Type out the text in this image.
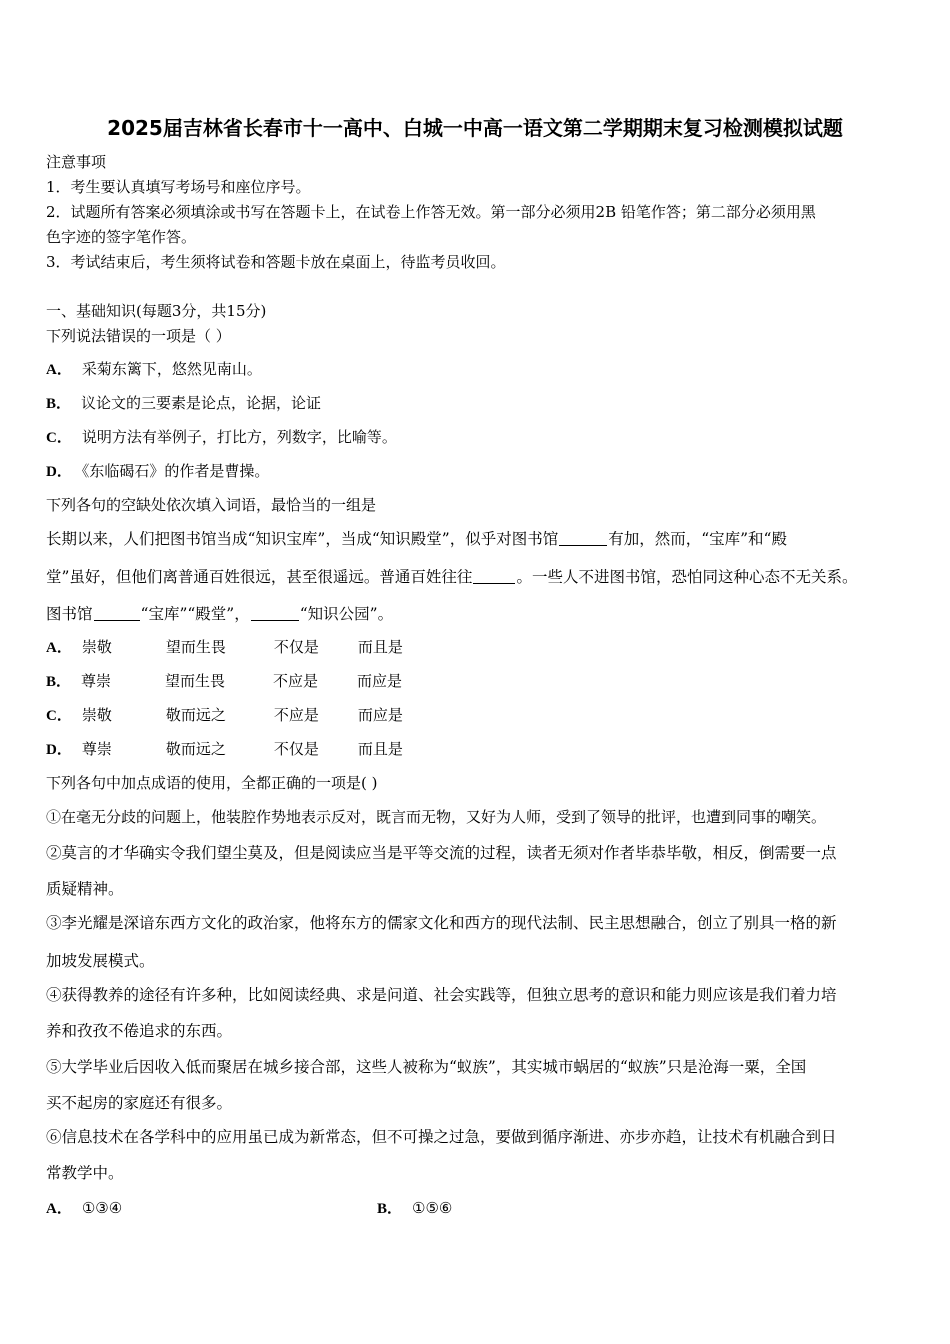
2025届吉林省长春市十一高中、白城一中高一语文第二学期期末复习检测模拟试题
注意事项
1．考生要认真填写考场号和座位序号。
2．试题所有答案必须填涂或书写在答题卡上，在试卷上作答无效。第一部分必须用2B 铅笔作答；第二部分必须用黑
色字迹的签字笔作答。
3．考试结束后，考生须将试卷和答题卡放在桌面上，待监考员收回。
一、基础知识(每题3分，共15分)
下列说法错误的一项是（ ）
A． 采菊东篱下，悠然见南山。
B． 议论文的三要素是论点，论据，论证
C． 说明方法有举例子，打比方，列数字，比喻等。
D． 《东临碣石》的作者是曹操。
下列各句的空缺处依次填入词语，最恰当的一组是
长期以来，人们把图书馆当成“知识宝库”，当成“知识殿堂”，似乎对图书馆	有加，然而，“宝库”和“殿
堂”虽好，但他们离普通百姓很远，甚至很遥远。普通百姓往往	。一些人不进图书馆，恐怕同这种心态不无关系。
图书馆	“宝库”“殿堂”，	“知识公园”。
A． 崇敬	望而生畏	不仅是	而且是
B． 尊崇	望而生畏	不应是	而应是
C． 崇敬	敬而远之	不应是	而应是
D． 尊崇	敬而远之	不仅是	而且是
下列各句中加点成语的使用，全都正确的一项是( )
①在毫无分歧的问题上，他装腔作势地表示反对，既言而无物，又好为人师，受到了领导的批评，也遭到同事的嘲笑。
②莫言的才华确实令我们望尘莫及，但是阅读应当是平等交流的过程，读者无须对作者毕恭毕敬，相反，倒需要一点
质疑精神。
③李光耀是深谙东西方文化的政治家，他将东方的儒家文化和西方的现代法制、民主思想融合，创立了别具一格的新
加坡发展模式。
④获得教养的途径有许多种，比如阅读经典、求是问道、社会实践等，但独立思考的意识和能力则应该是我们着力培
养和孜孜不倦追求的东西。
⑤大学毕业后因收入低而聚居在城乡接合部，这些人被称为“蚁族”，其实城市蜗居的“蚁族”只是沧海一粟，全国
买不起房的家庭还有很多。
⑥信息技术在各学科中的应用虽已成为新常态，但不可操之过急，要做到循序渐进、亦步亦趋，让技术有机融合到日
常教学中。
A． ①③④	B． ①⑤⑥
